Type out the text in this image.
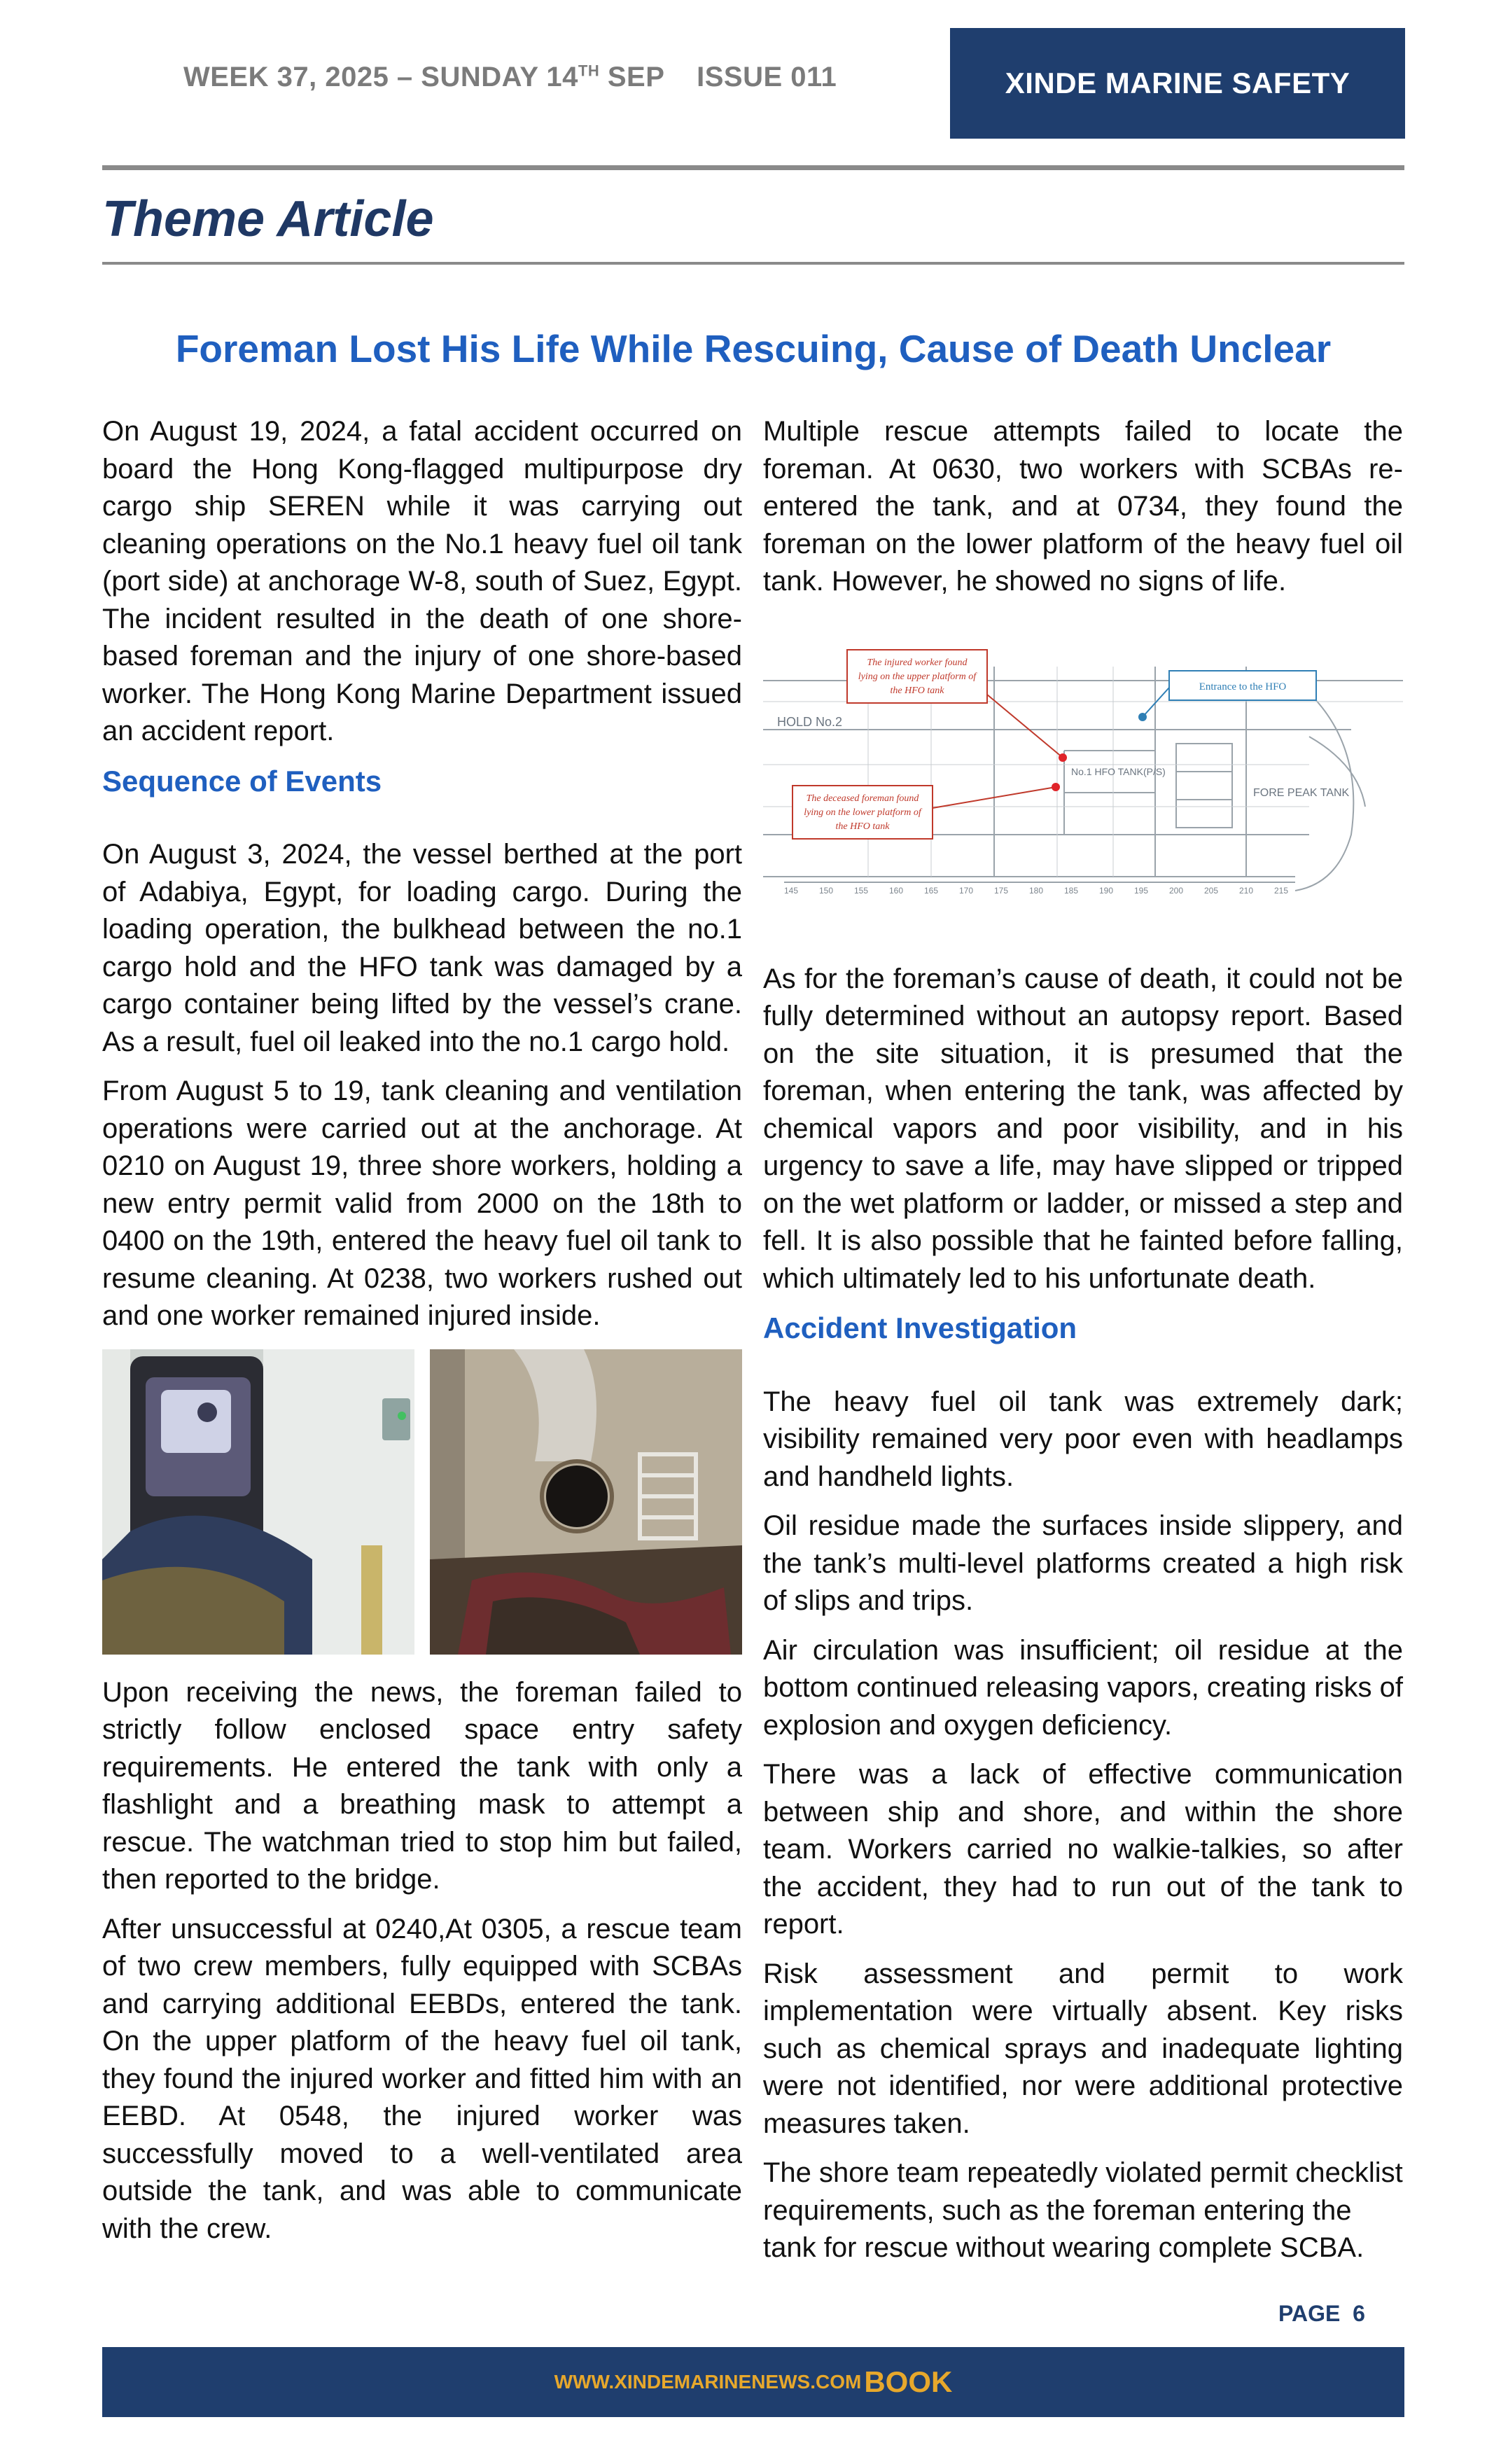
WEEK 37, 2025 – SUNDAY 14TH SEP    ISSUE 011	XINDE MARINE SAFETY
Theme Article
Foreman Lost His Life While Rescuing, Cause of Death Unclear

On August 19, 2024, a fatal accident occurred on board the Hong Kong-flagged multipurpose dry cargo ship SEREN while it was carrying out cleaning operations on the No.1 heavy fuel oil tank (port side) at anchorage W-8, south of Suez, Egypt. The incident resulted in the death of one shore-based foreman and the injury of one shore-based worker. The Hong Kong Marine Department issued an accident report.

Sequence of Events

On August 3, 2024, the vessel berthed at the port of Adabiya, Egypt, for loading cargo. During the loading operation, the bulkhead between the no.1 cargo hold and the HFO tank was damaged by a cargo container being lifted by the vessel’s crane. As a result, fuel oil leaked into the no.1 cargo hold.

From August 5 to 19, tank cleaning and ventilation operations were carried out at the anchorage. At 0210 on August 19, three shore workers, holding a new entry permit valid from 2000 on the 18th to 0400 on the 19th, entered the heavy fuel oil tank to resume cleaning. At 0238, two workers rushed out and one worker remained injured inside.

Upon receiving the news, the foreman failed to strictly follow enclosed space entry safety requirements. He entered the tank with only a flashlight and a breathing mask to attempt a rescue. The watchman tried to stop him but failed, then reported to the bridge.

After unsuccessful at 0240,At 0305, a rescue team of two crew members, fully equipped with SCBAs and carrying additional EEBDs, entered the tank. On the upper platform of the heavy fuel oil tank, they found the injured worker and fitted him with an EEBD. At 0548, the injured worker was successfully moved to a well-ventilated area outside the tank, and was able to communicate with the crew.

Multiple rescue attempts failed to locate the foreman. At 0630, two workers with SCBAs re-entered the tank, and at 0734, they found the foreman on the lower platform of the heavy fuel oil tank. However, he showed no signs of life.

HOLD No.2
FORE PEAK TANK
No.1 HFO TANK(P/S)
145 150 155 160 165 170 175 180 185 190 195 200 205 210 215
The injured worker found
lying on the upper platform of
the HFO tank
The deceased foreman found
lying on the lower platform of
the HFO tank
Entrance to the HFO

As for the foreman’s cause of death, it could not be fully determined without an autopsy report. Based on the site situation, it is presumed that the foreman, when entering the tank, was affected by chemical vapors and poor visibility, and in his urgency to save a life, may have slipped or tripped on the wet platform or ladder, or missed a step and fell. It is also possible that he fainted before falling, which ultimately led to his unfortunate death.

Accident Investigation

The heavy fuel oil tank was extremely dark; visibility remained very poor even with headlamps and handheld lights.

Oil residue made the surfaces inside slippery, and the tank’s multi-level platforms created a high risk of slips and trips.

Air circulation was insufficient; oil residue at the bottom continued releasing vapors, creating risks of explosion and oxygen deficiency.

There was a lack of effective communication between ship and shore, and within the shore team. Workers carried no walkie-talkies, so after the accident, they had to run out of the tank to report.

Risk assessment and permit to work implementation were virtually absent. Key risks such as chemical sprays and inadequate lighting were not identified, nor were additional protective measures taken.

The shore team repeatedly violated permit checklist requirements, such as the foreman entering the tank for rescue without wearing complete SCBA.

PAGE  6
WWW.XINDEMARINENEWS.COM BOOK
